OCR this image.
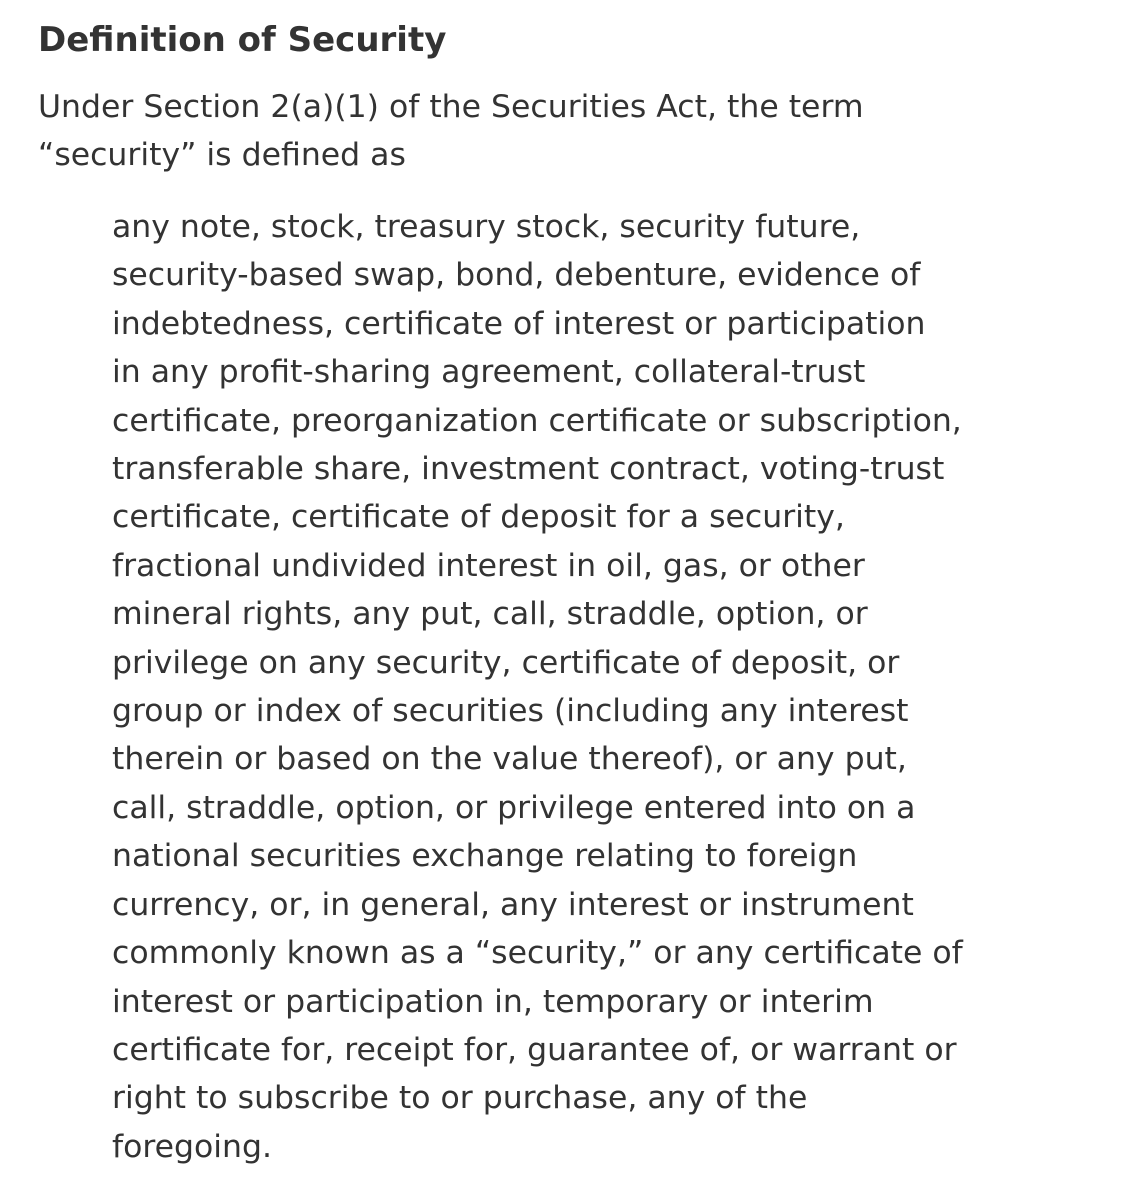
Definition of Security
Under Section 2(a)(1) of the Securities Act, the term
“security” is defined as
any note, stock, treasury stock, security future,
security-based swap, bond, debenture, evidence of
indebtedness, certificate of interest or participation
in any profit-sharing agreement, collateral-trust
certificate, preorganization certificate or subscription,
transferable share, investment contract, voting-trust
certificate, certificate of deposit for a security,
fractional undivided interest in oil, gas, or other
mineral rights, any put, call, straddle, option, or
privilege on any security, certificate of deposit, or
group or index of securities (including any interest
therein or based on the value thereof), or any put,
call, straddle, option, or privilege entered into on a
national securities exchange relating to foreign
currency, or, in general, any interest or instrument
commonly known as a “security,” or any certificate of
interest or participation in, temporary or interim
certificate for, receipt for, guarantee of, or warrant or
right to subscribe to or purchase, any of the
foregoing.
